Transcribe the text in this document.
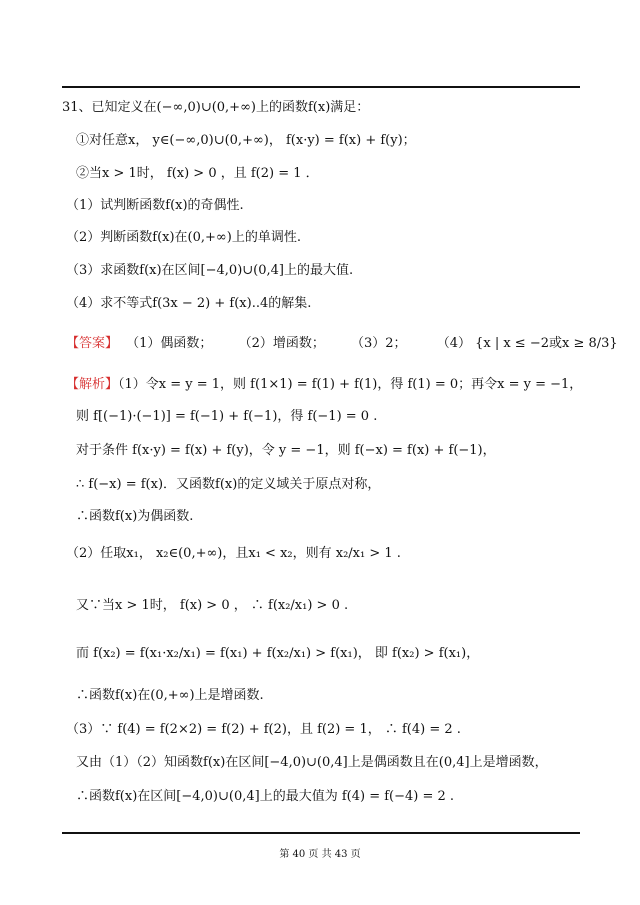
31、已知定义在(−∞,0)∪(0,+∞)上的函数f(x)满足：
①对任意x， y∈(−∞,0)∪(0,+∞)， f(x·y) = f(x) + f(y)；
②当x > 1时， f(x) > 0 ，且 f(2) = 1 ．
（1）试判断函数f(x)的奇偶性.
（2）判断函数f(x)在(0,+∞)上的单调性.
（3）求函数f(x)在区间[−4,0)∪(0,4]上的最大值.
（4）求不等式f(3x − 2) + f(x)..4的解集.
【答案】 （1）偶函数； （2）增函数； （3）2； （4） {x | x ≤ −2或x ≥ 8/3}
【解析】（1）令x = y = 1，则 f(1×1) = f(1) + f(1)，得 f(1) = 0；再令x = y = −1，
则 f[(−1)·(−1)] = f(−1) + f(−1)，得 f(−1) = 0 .
对于条件 f(x·y) = f(x) + f(y)，令 y = −1，则 f(−x) = f(x) + f(−1)，
∴ f(−x) = f(x)．又函数f(x)的定义域关于原点对称，
∴函数f(x)为偶函数.
（2）任取x₁， x₂∈(0,+∞)，且x₁ < x₂，则有 x₂/x₁ > 1 .
又∵当x > 1时， f(x) > 0 ， ∴ f(x₂/x₁) > 0 .
而 f(x₂) = f(x₁·x₂/x₁) = f(x₁) + f(x₂/x₁) > f(x₁)， 即 f(x₂) > f(x₁)，
∴函数f(x)在(0,+∞)上是增函数.
（3）∵ f(4) = f(2×2) = f(2) + f(2)，且 f(2) = 1， ∴ f(4) = 2 .
又由（1）（2）知函数f(x)在区间[−4,0)∪(0,4]上是偶函数且在(0,4]上是增函数，
∴函数f(x)在区间[−4,0)∪(0,4]上的最大值为 f(4) = f(−4) = 2 .
第 40 页 共 43 页
